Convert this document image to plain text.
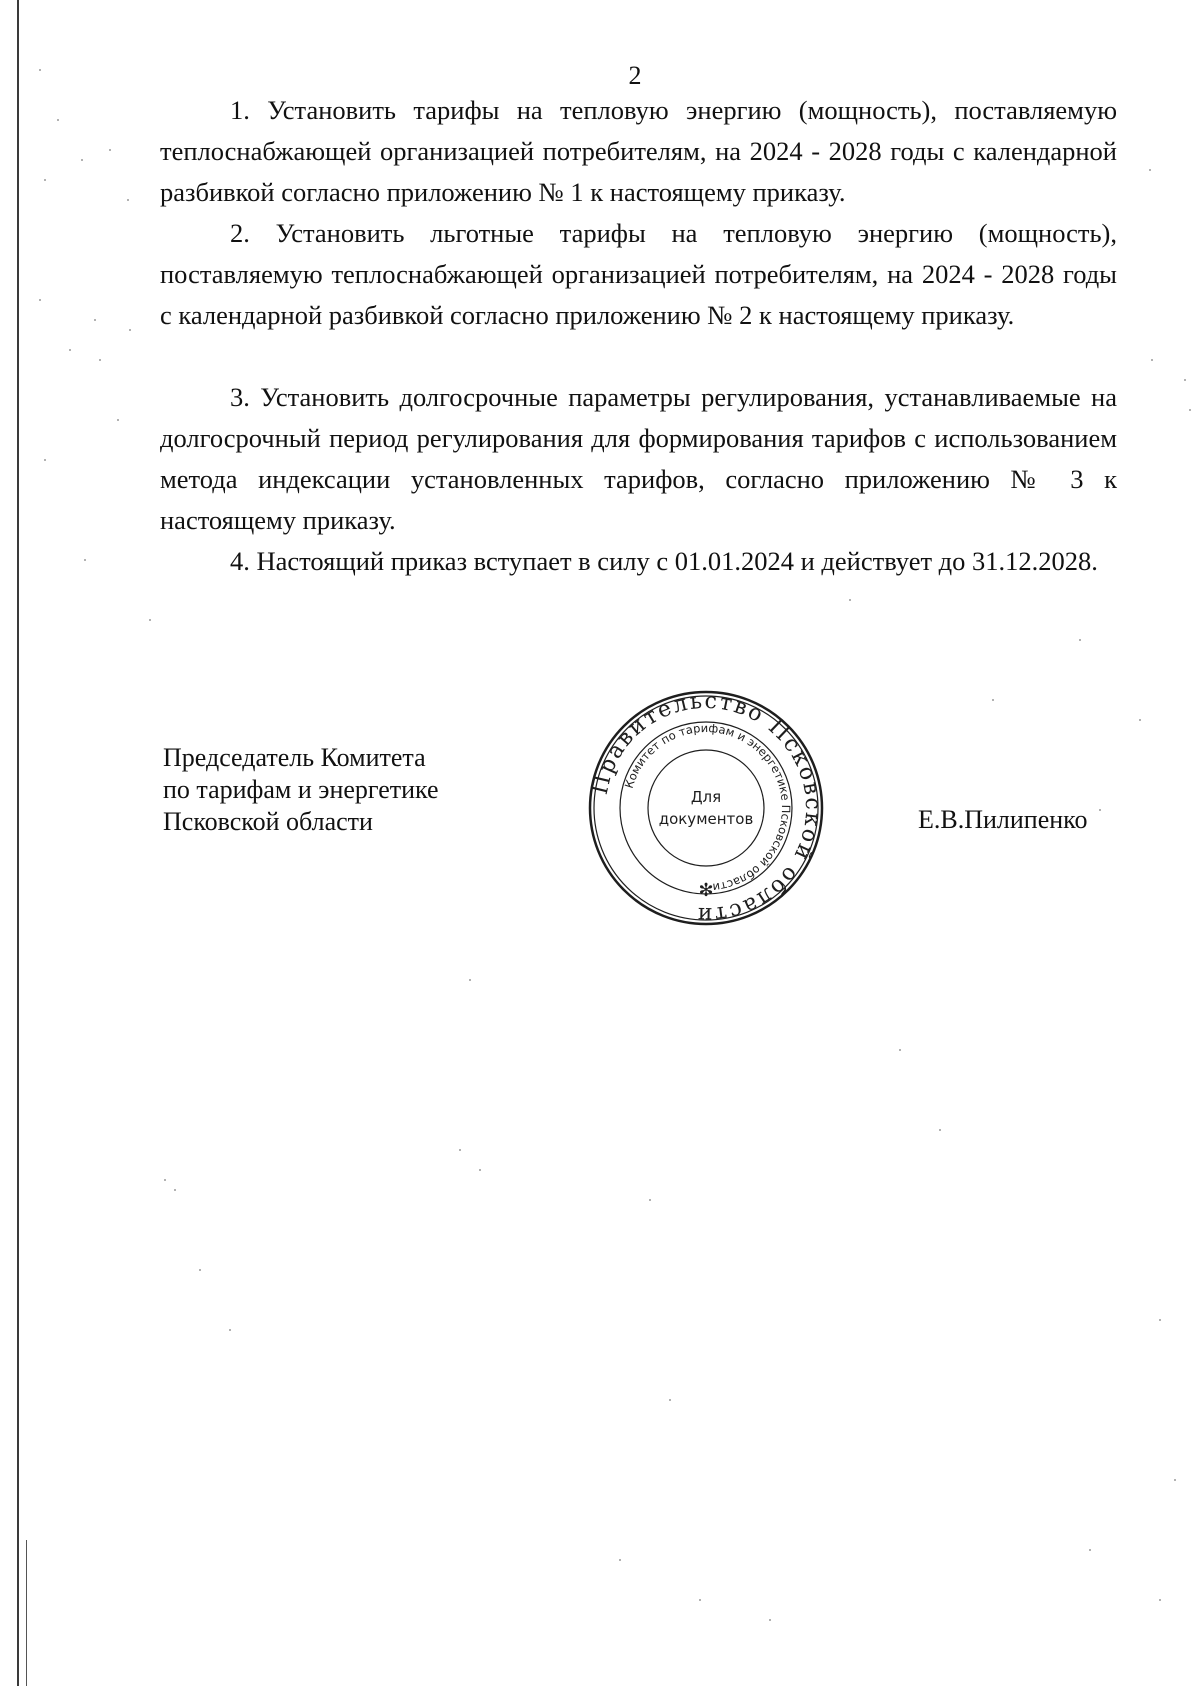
2

1. Установить тарифы на тепловую энергию (мощность), поставляемую теплоснабжающей организацией потребителям, на 2024 - 2028 годы с календарной разбивкой согласно приложению № 1 к настоящему приказу.

2. Установить льготные тарифы на тепловую энергию (мощность), поставляемую теплоснабжающей организацией потребителям, на 2024 - 2028 годы с календарной разбивкой согласно приложению № 2 к настоящему приказу.

3. Установить долгосрочные параметры регулирования, устанавливаемые на долгосрочный период регулирования для формирования тарифов с использованием метода индексации установленных тарифов, согласно приложению № 3 к настоящему приказу.

4. Настоящий приказ вступает в силу с 01.01.2024 и действует до 31.12.2028.

Председатель Комитета
по тарифам и энергетике
Псковской области
Правительство Псковской области
Комитет по тарифам и энергетике Псковской области
Для
документов
✻
Е.В.Пилипенко
